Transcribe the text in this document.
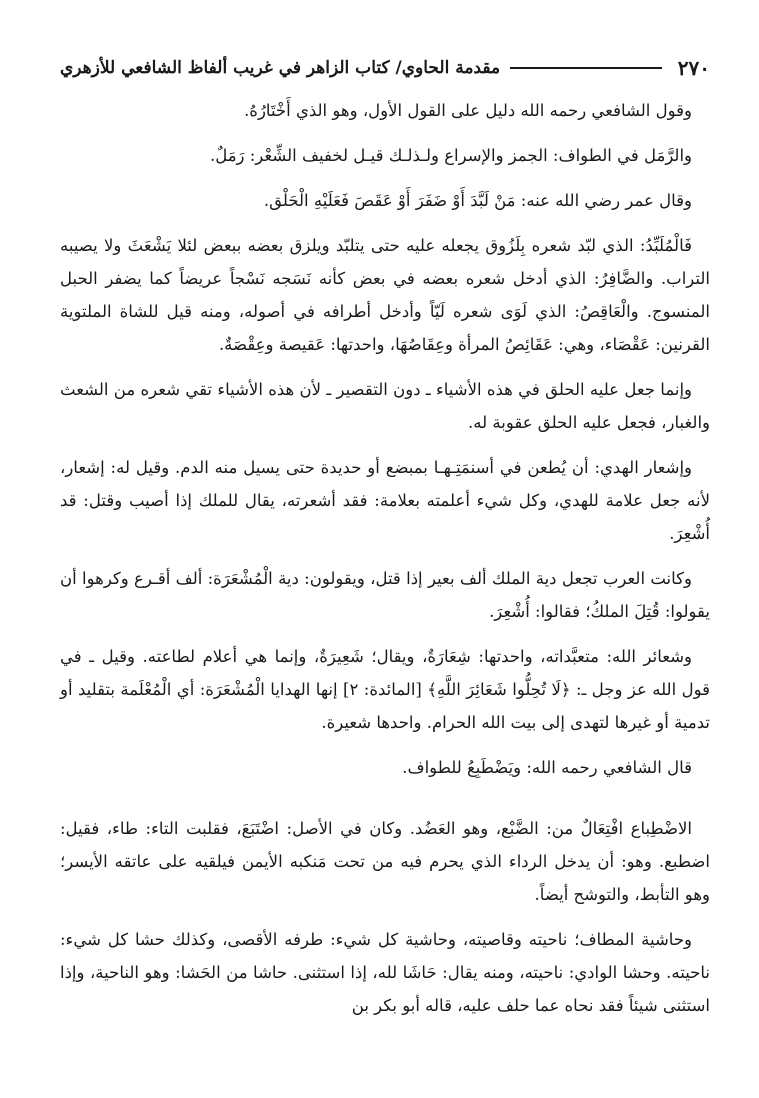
٢٧٠
مقدمة الحاوي/ كتاب الزاهر في غريب ألفاظ الشافعي للأزهري

وقول الشافعي رحمه الله دليل على القول الأول، وهو الذي أَخْتَارُهُ.

والرَّمَل في الطواف: الجمز والإسراع ولـذلـك قيـل لخفيف الشِّعْر: رَمَلٌ.

وقال عمر رضي الله عنه: مَنْ لَبَّدَ أَوْ ضَفَرَ أَوْ عَقَصَ فَعَلَيْهِ الْحَلْق.

فَالْمُلَبِّدُ: الذي لبّد شعره بِلَزُوق يجعله عليه حتى يتلبّد ويلزق بعضه ببعض لئلا يَشْعَثَ ولا يصيبه التراب. والضَّافِرُ: الذي أدخل شعره بعضه في بعض كأنه نَسَجه نَسْجاً عريضاً كما يضفر الحبل المنسوج. والْعَاقِصُ: الذي لَوَى شعره لَيّاً وأدخل أطرافه في أصوله، ومنه قيل للشاة الملتوية القرنين: عَقْصَاء، وهي: عَقَائِصُ المرأة وعِقَاصُهَا، واحدتها: عَقيصة وعِقْصَةٌ.

وإنما جعل عليه الحلق في هذه الأشياء ـ دون التقصير ـ لأن هذه الأشياء تقي شعره من الشعث والغبار، فجعل عليه الحلق عقوبة له.

وإشعار الهدي: أن يُطعن في أسنمَتِـهـا بمبضع أو حديدة حتى يسيل منه الدم. وقيل له: إشعار، لأنه جعل علامة للهدي، وكل شيء أعلمته بعلامة: فقد أشعرته، يقال للملك إذا أصيب وقتل: قد أُشْعِرَ.

وكانت العرب تجعل دية الملك ألف بعير إذا قتل، ويقولون: دية الْمُشْعَرَة: ألف أقـرع وكرهوا أن يقولوا: قُتِلَ الملكُ؛ فقالوا: أُشْعِرَ.

وشعائر الله: متعبَّداته، واحدتها: شِعَارَةٌ، ويقال؛ شَعِيرَةٌ، وإنما هي أعلام لطاعته. وقيل ـ في قول الله عز وجل ـ: ﴿لَا تُحِلُّوا شَعَائِرَ اللَّهِ﴾ [المائدة: ٢] إنها الهدايا الْمُشْعَرَة: أي الْمُعْلَمة بتقليد أو تدمية أو غيرها لتهدى إلى بيت الله الحرام. واحدها شعيرة.

قال الشافعي رحمه الله: ويَضْطَبِعُ للطواف.

الاضْطِباع افْتِعَالٌ من: الضَّبْع، وهو العَضُد. وكان في الأصل: اضْتَبَعَ، فقلبت التاء: طاء، فقيل: اضطبع. وهو: أن يدخل الرداء الذي يحرم فيه من تحت مَنكبه الأيمن فيلقيه على عاتقه الأيسر؛ وهو التأبط، والتوشح أيضاً.

وحاشية المطاف؛ ناحيته وقاصيته، وحاشية كل شيء: طرفه الأقصى، وكذلك حشا كل شيء: ناحيته. وحشا الوادي: ناحيته، ومنه يقال: حَاشَا لله، إذا استثنى. حاشا من الحَشا: وهو الناحية، وإذا استثنى شيئاً فقد نحاه عما حلف عليه، قاله أبو بكر بن
